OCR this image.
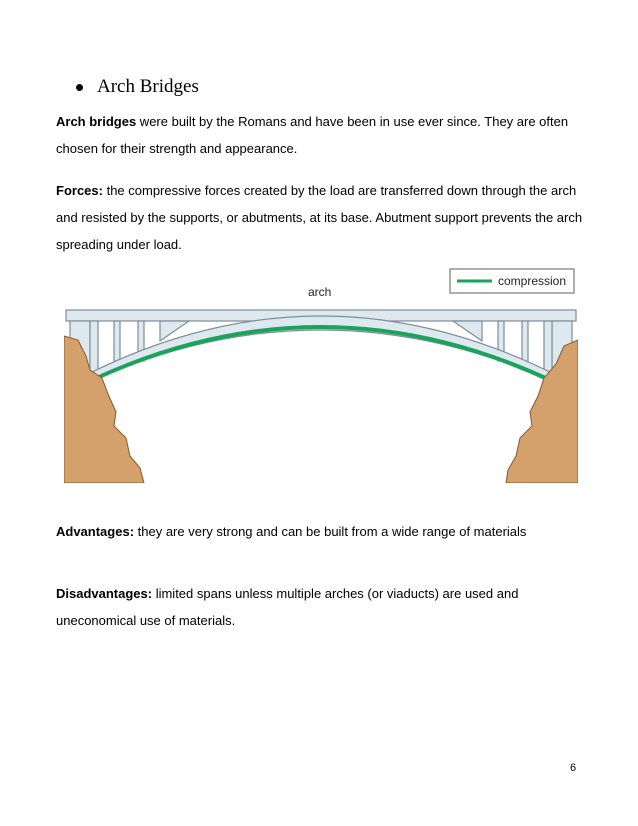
Arch Bridges
Arch bridges were built by the Romans and have been in use ever since. They are often chosen for their strength and appearance.
Forces: the compressive forces created by the load are transferred down through the arch and resisted by the supports, or abutments, at its base. Abutment support prevents the arch spreading under load.
compression
arch
Advantages: they are very strong and can be built from a wide range of materials
Disadvantages: limited spans unless multiple arches (or viaducts) are used and uneconomical use of materials.
6
